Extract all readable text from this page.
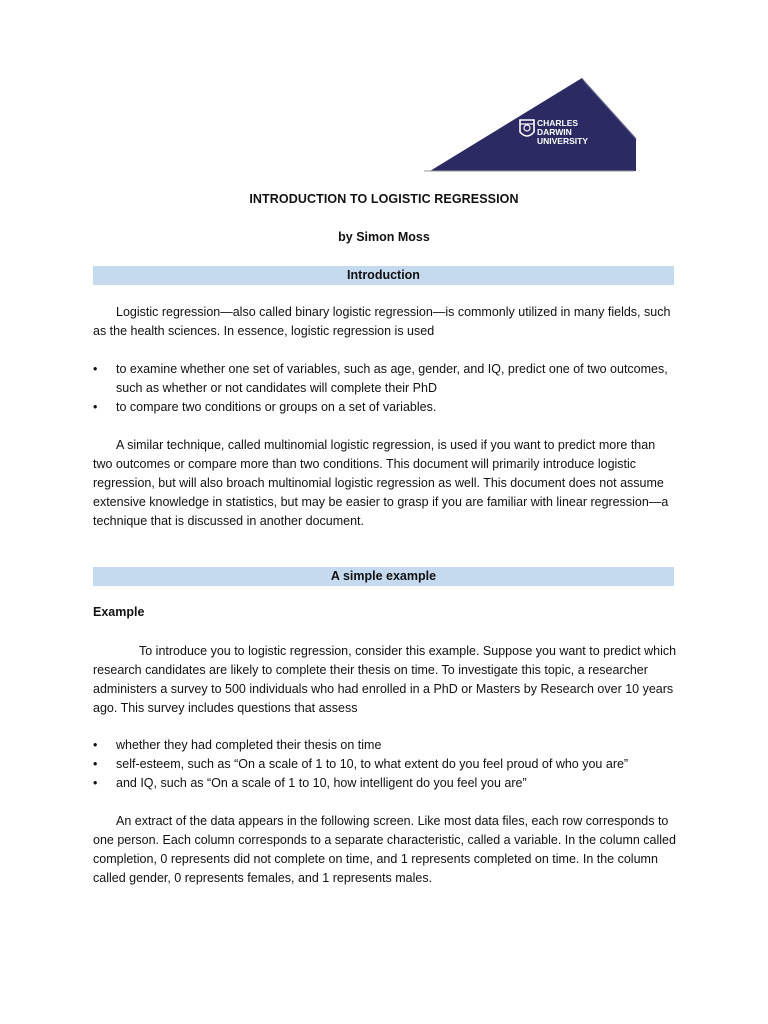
CHARLES
DARWIN
UNIVERSITY
INTRODUCTION TO LOGISTIC REGRESSION
by Simon Moss
Introduction

Logistic regression—also called binary logistic regression—is commonly utilized in many fields, such as the health sciences. In essence, logistic regression is used

•	to examine whether one set of variables, such as age, gender, and IQ, predict one of two outcomes, such as whether or not candidates will complete their PhD
•	to compare two conditions or groups on a set of variables.

A similar technique, called multinomial logistic regression, is used if you want to predict more than two outcomes or compare more than two conditions. This document will primarily introduce logistic regression, but will also broach multinomial logistic regression as well. This document does not assume extensive knowledge in statistics, but may be easier to grasp if you are familiar with linear regression—a technique that is discussed in another document.

A simple example
Example

To introduce you to logistic regression, consider this example. Suppose you want to predict which research candidates are likely to complete their thesis on time. To investigate this topic, a researcher administers a survey to 500 individuals who had enrolled in a PhD or Masters by Research over 10 years ago. This survey includes questions that assess

•	whether they had completed their thesis on time
•	self-esteem, such as “On a scale of 1 to 10, to what extent do you feel proud of who you are”
•	and IQ, such as “On a scale of 1 to 10, how intelligent do you feel you are”

An extract of the data appears in the following screen. Like most data files, each row corresponds to one person. Each column corresponds to a separate characteristic, called a variable. In the column called completion, 0 represents did not complete on time, and 1 represents completed on time. In the column called gender, 0 represents females, and 1 represents males.
